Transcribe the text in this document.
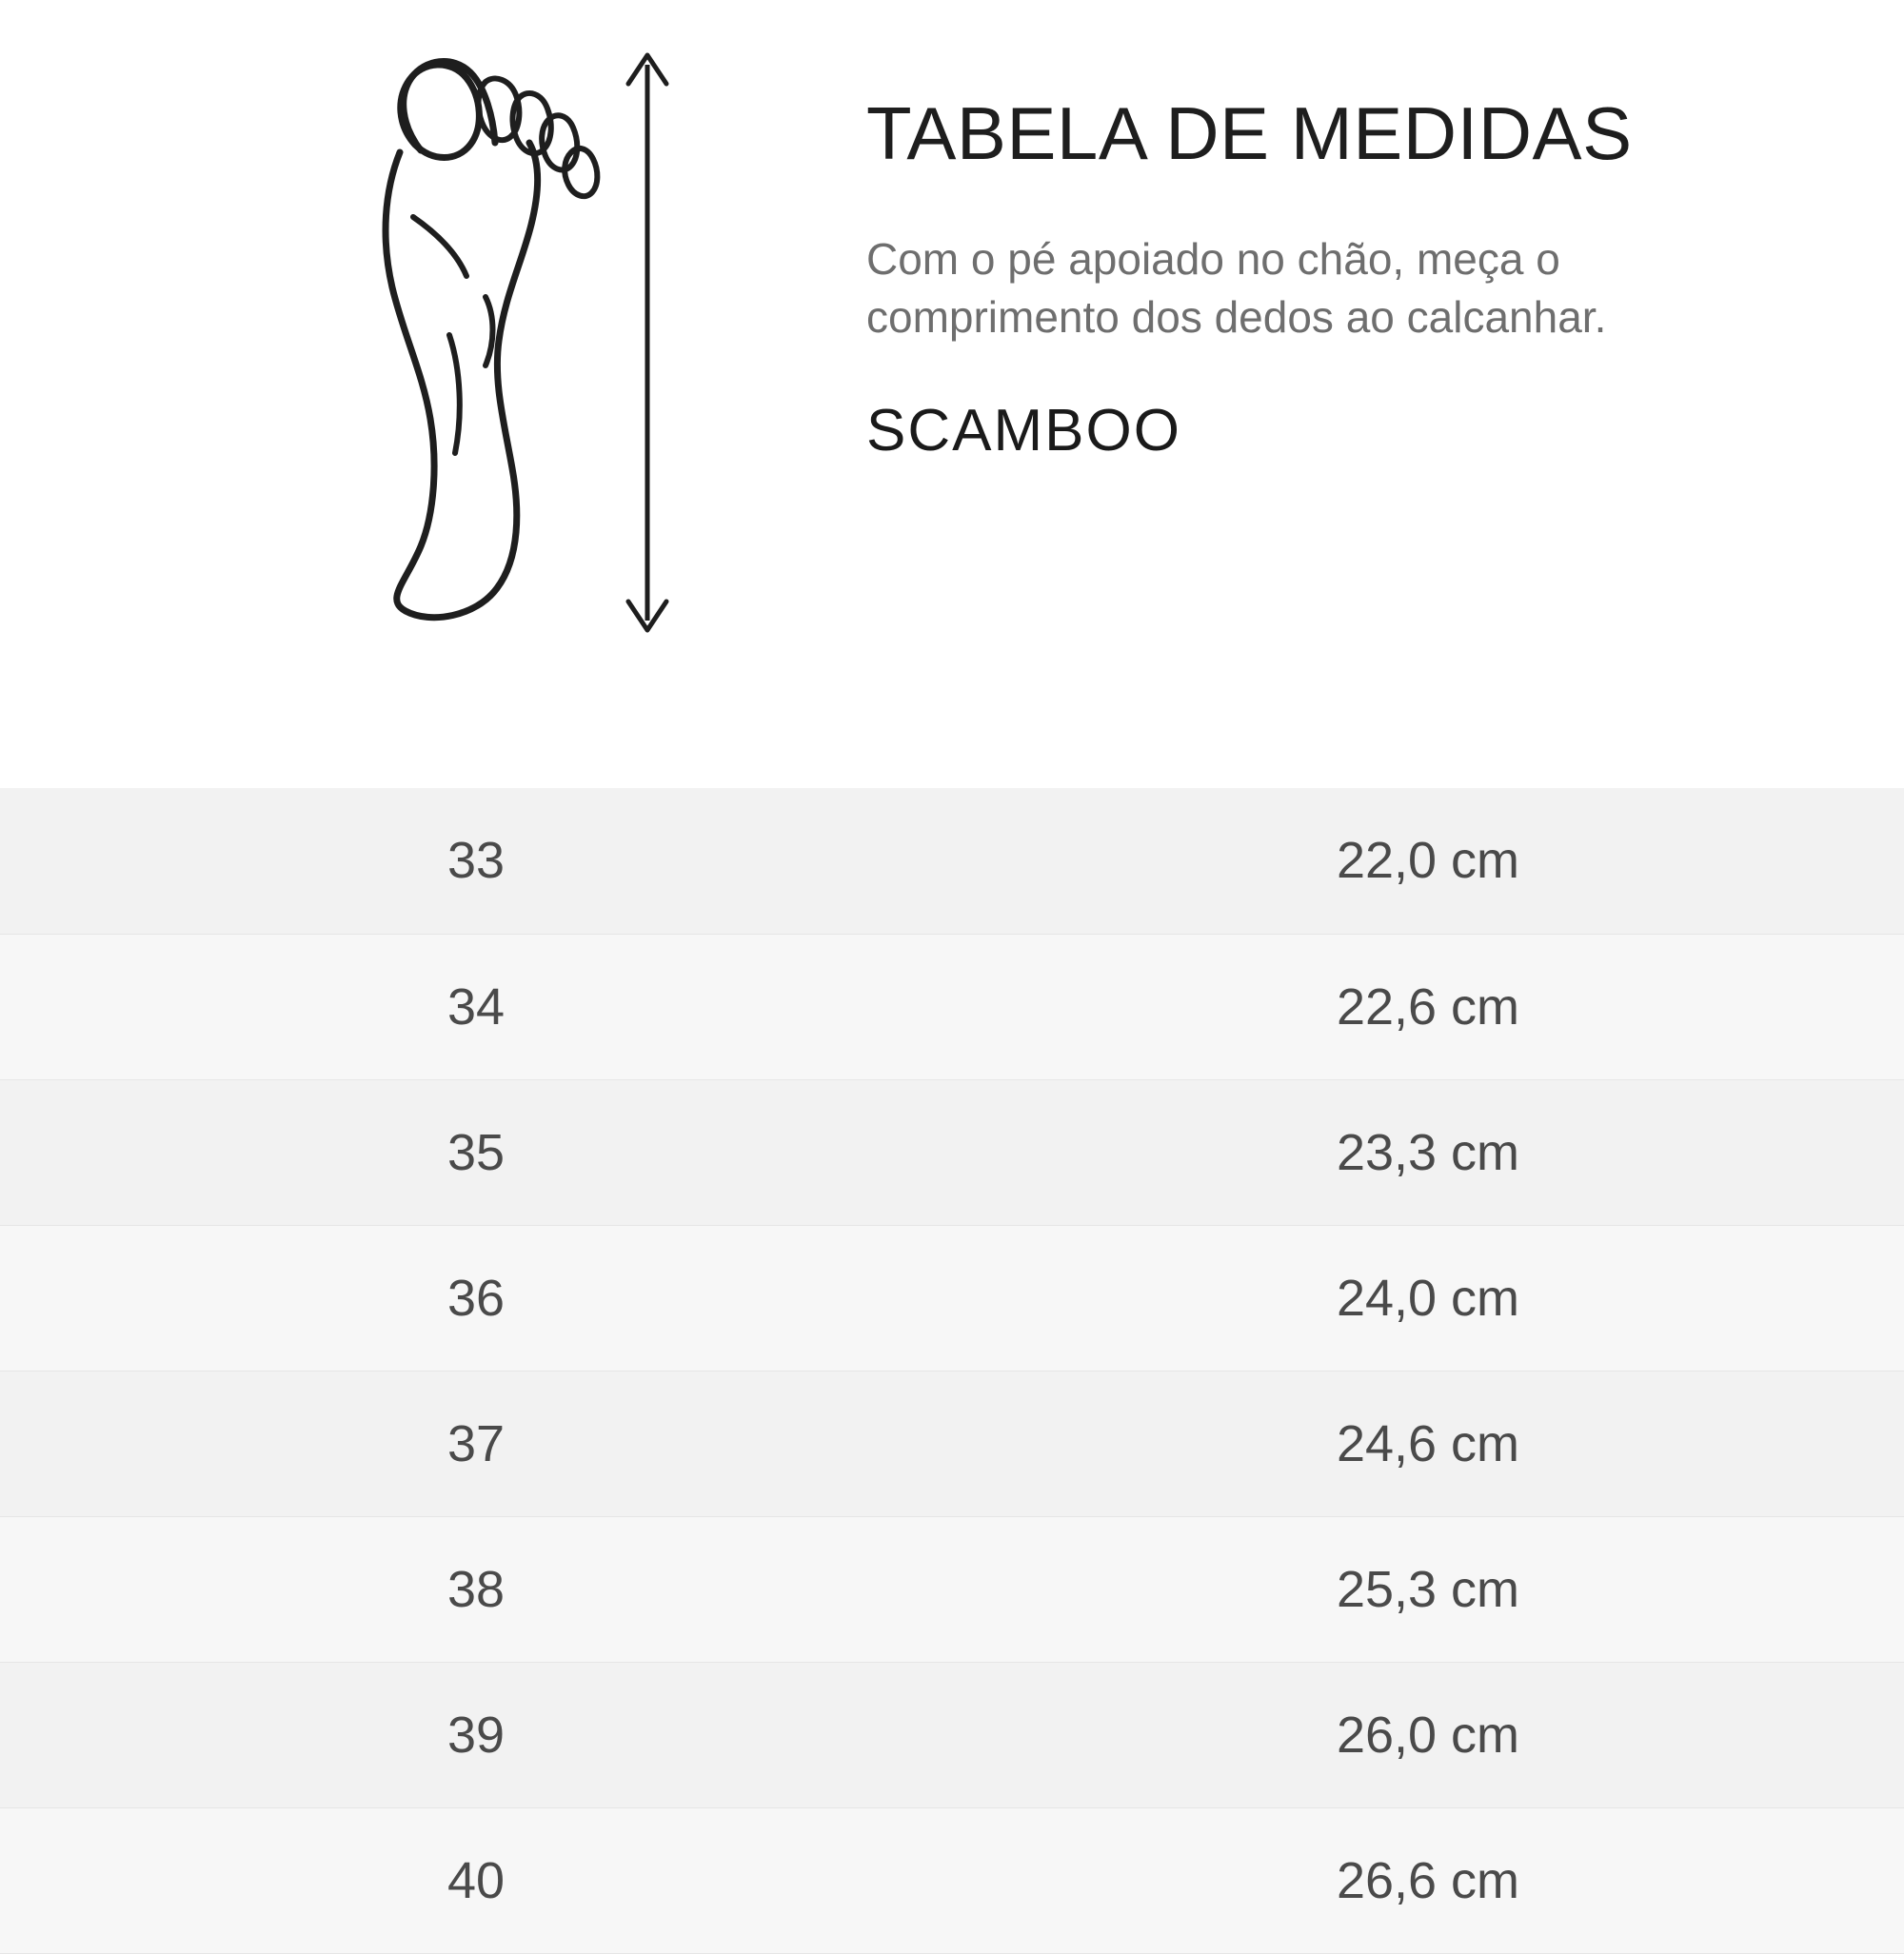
TABELA DE MEDIDAS

Com o pé apoiado no chão, meça o comprimento dos dedos ao calcanhar.

SCAMBOO
33	22,0 cm
34	22,6 cm
35	23,3 cm
36	24,0 cm
37	24,6 cm
38	25,3 cm
39	26,0 cm
40	26,6 cm
